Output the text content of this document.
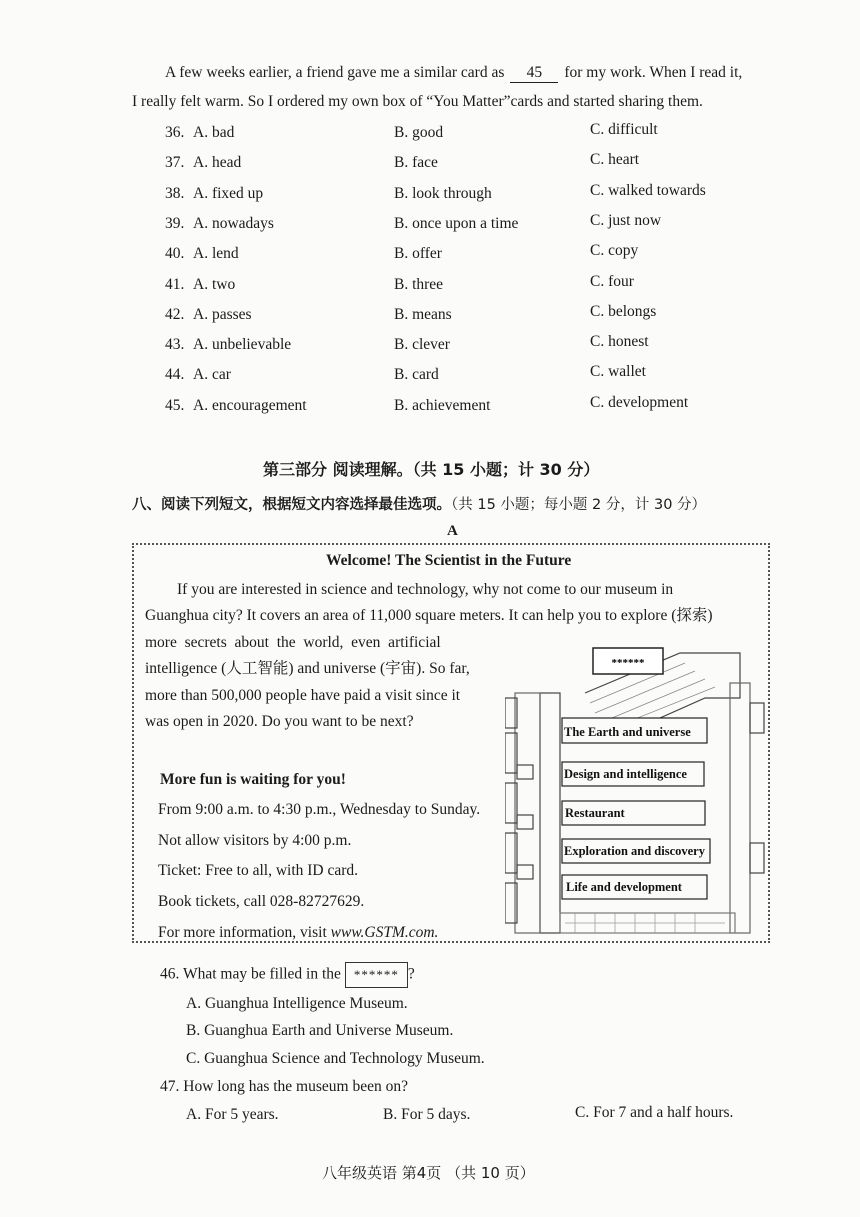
A few weeks earlier, a friend gave me a similar card as 45 for my work. When I read it,
I really felt warm. So I ordered my own box of “You Matter”cards and started sharing them.
36. A. bad	B. good	C. difficult
37. A. head	B. face	C. heart
38. A. fixed up	B. look through	C. walked towards
39. A. nowadays	B. once upon a time	C. just now
40. A. lend	B. offer	C. copy
41. A. two	B. three	C. four
42. A. passes	B. means	C. belongs
43. A. unbelievable	B. clever	C. honest
44. A. car	B. card	C. wallet
45. A. encouragement	B. achievement	C. development
第三部分 阅读理解。（共 15 小题；计 30 分）
八、阅读下列短文，根据短文内容选择最佳选项。（共 15 小题；每小题 2 分，计 30 分）
A
Welcome! The Scientist in the Future
If you are interested in science and technology, why not come to our museum in
Guanghua city? It covers an area of 11,000 square meters. It can help you to explore (探索)
more  secrets  about  the  world,  even  artificial
intelligence (人工智能) and universe (宇宙). So far,
more than 500,000 people have paid a visit since it
was open in 2020. Do you want to be next?
More fun is waiting for you!
From 9:00 a.m. to 4:30 p.m., Wednesday to Sunday.
Not allow visitors by 4:00 p.m.
Ticket: Free to all, with ID card.
Book tickets, call 028-82727629.
For more information, visit www.GSTM.com.
******
The Earth and universe
Design and intelligence
Restaurant
Exploration and discovery
Life and development
46. What may be filled in the ****** ?
A. Guanghua Intelligence Museum.
B. Guanghua Earth and Universe Museum.
C. Guanghua Science and Technology Museum.
47. How long has the museum been on?
A. For 5 years.	B. For 5 days.	C. For 7 and a half hours.
八年级英语 第4页 （共 10 页）
